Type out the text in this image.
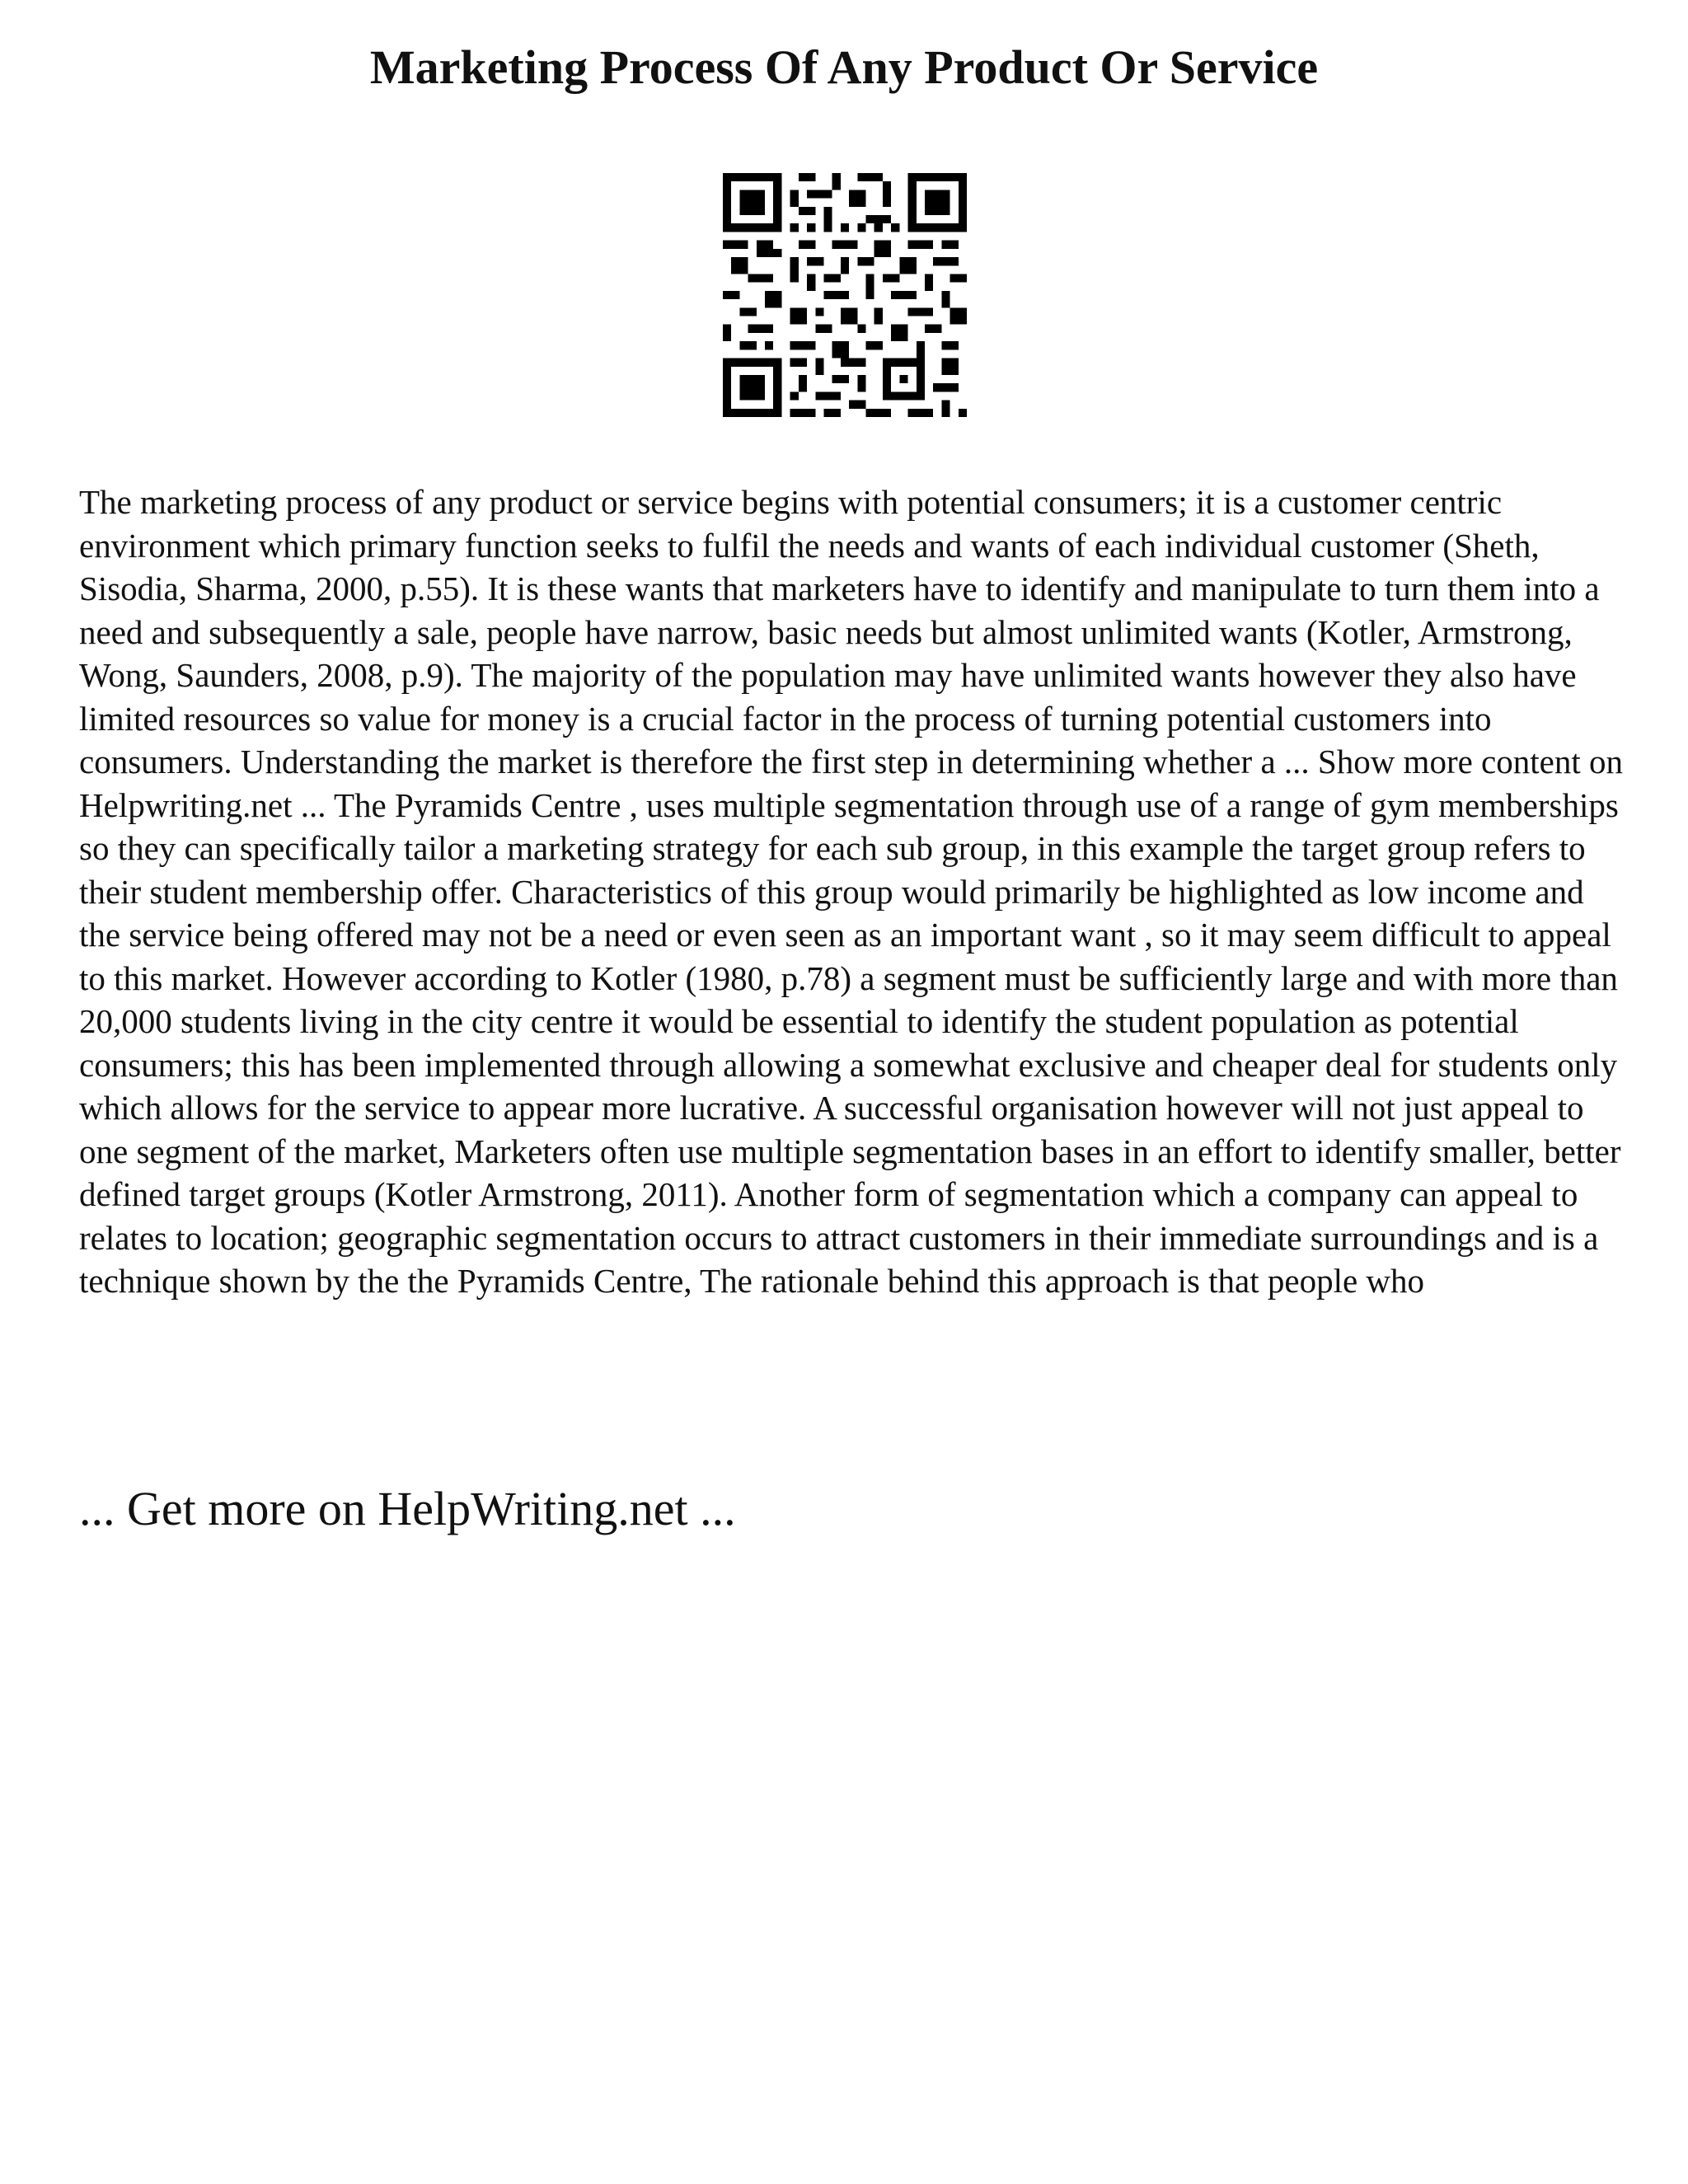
Marketing Process Of Any Product Or Service

The marketing process of any product or service begins with potential consumers; it is a customer centric environment which primary function seeks to fulfil the needs and wants of each individual customer (Sheth, Sisodia, Sharma, 2000, p.55). It is these wants that marketers have to identify and manipulate to turn them into a need and subsequently a sale, people have narrow, basic needs but almost unlimited wants (Kotler, Armstrong, Wong, Saunders, 2008, p.9). The majority of the population may have unlimited wants however they also have limited resources so value for money is a crucial factor in the process of turning potential customers into consumers. Understanding the market is therefore the first step in determining whether a ... Show more content on Helpwriting.net ... The Pyramids Centre , uses multiple segmentation through use of a range of gym memberships so they can specifically tailor a marketing strategy for each sub group, in this example the target group refers to their student membership offer. Characteristics of this group would primarily be highlighted as low income and the service being offered may not be a need or even seen as an important want , so it may seem difficult to appeal to this market. However according to Kotler (1980, p.78) a segment must be sufficiently large and with more than 20,000 students living in the city centre it would be essential to identify the student population as potential consumers; this has been implemented through allowing a somewhat exclusive and cheaper deal for students only which allows for the service to appear more lucrative. A successful organisation however will not just appeal to one segment of the market, Marketers often use multiple segmentation bases in an effort to identify smaller, better defined target groups (Kotler Armstrong, 2011). Another form of segmentation which a company can appeal to relates to location; geographic segmentation occurs to attract customers in their immediate surroundings and is a technique shown by the the Pyramids Centre, The rationale behind this approach is that people who

... Get more on HelpWriting.net ...
